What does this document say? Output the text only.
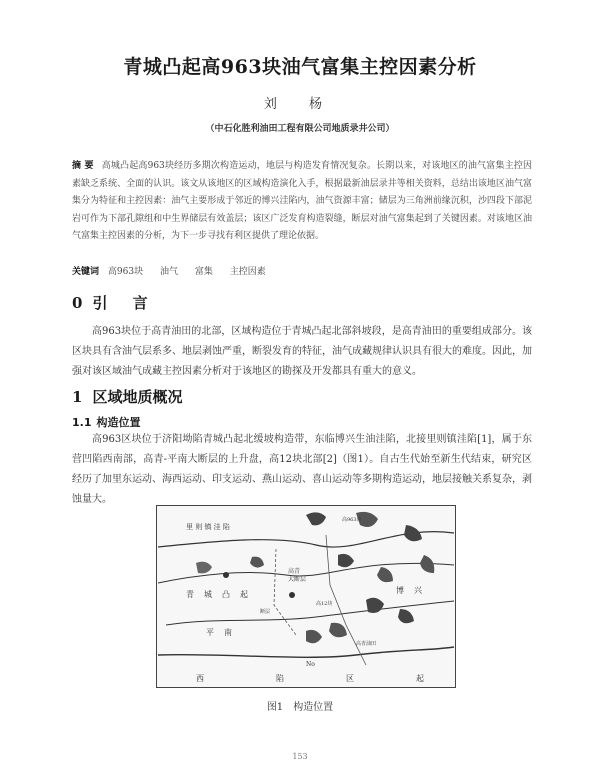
青城凸起高963块油气富集主控因素分析
刘 杨
（中石化胜利油田工程有限公司地质录井公司）
摘 要 高城凸起高963块经历多期次构造运动，地层与构造发育情况复杂。长期以来，对该地区的油气富集主控因素缺乏系统、全面的认识。该文从该地区的区域构造演化入手，根据最新油层录井等相关资料，总结出该地区油气富集分为特征和主控因素：油气主要形成于邻近的博兴洼陷内，油气资源丰富；储层为三角洲前缘沉积，沙四段下部泥岩可作为下部孔隙组和中生界储层有效盖层；该区广泛发育构造裂缝，断层对油气富集起到了关键因素。对该地区油气富集主控因素的分析，为下一步寻找有利区提供了理论依据。
关键词 高963块 油气 富集 主控因素
0 引 言
高963块位于高青油田的北部，区域构造位于青城凸起北部斜坡段，是高青油田的重要组成部分。该区块具有含油气层系多、地层剥蚀严重，断裂发育的特征，油气成藏规律认识具有很大的难度。因此，加强对该区域油气成藏主控因素分析对于该地区的勘探及开发都具有重大的意义。
1 区域地质概况
1.1 构造位置
高963区块位于济阳坳陷青城凸起北缓坡构造带，东临博兴生油洼陷，北接里则镇洼陷[1]，属于东营凹陷西南部，高青-平南大断层的上升盘，高12块北部[2]（图1）。自古生代始至新生代结束，研究区经历了加里东运动、海西运动、印支运动、燕山运动、喜山运动等多期构造运动，地层接触关系复杂，剥蚀量大。
里 则 镇 洼 陷
青 城 凸 起
高青
大断层
博 兴
平 南
高12块
高963块
高青油田
断层
No
西	陷	区	起
图1 构造位置
153
